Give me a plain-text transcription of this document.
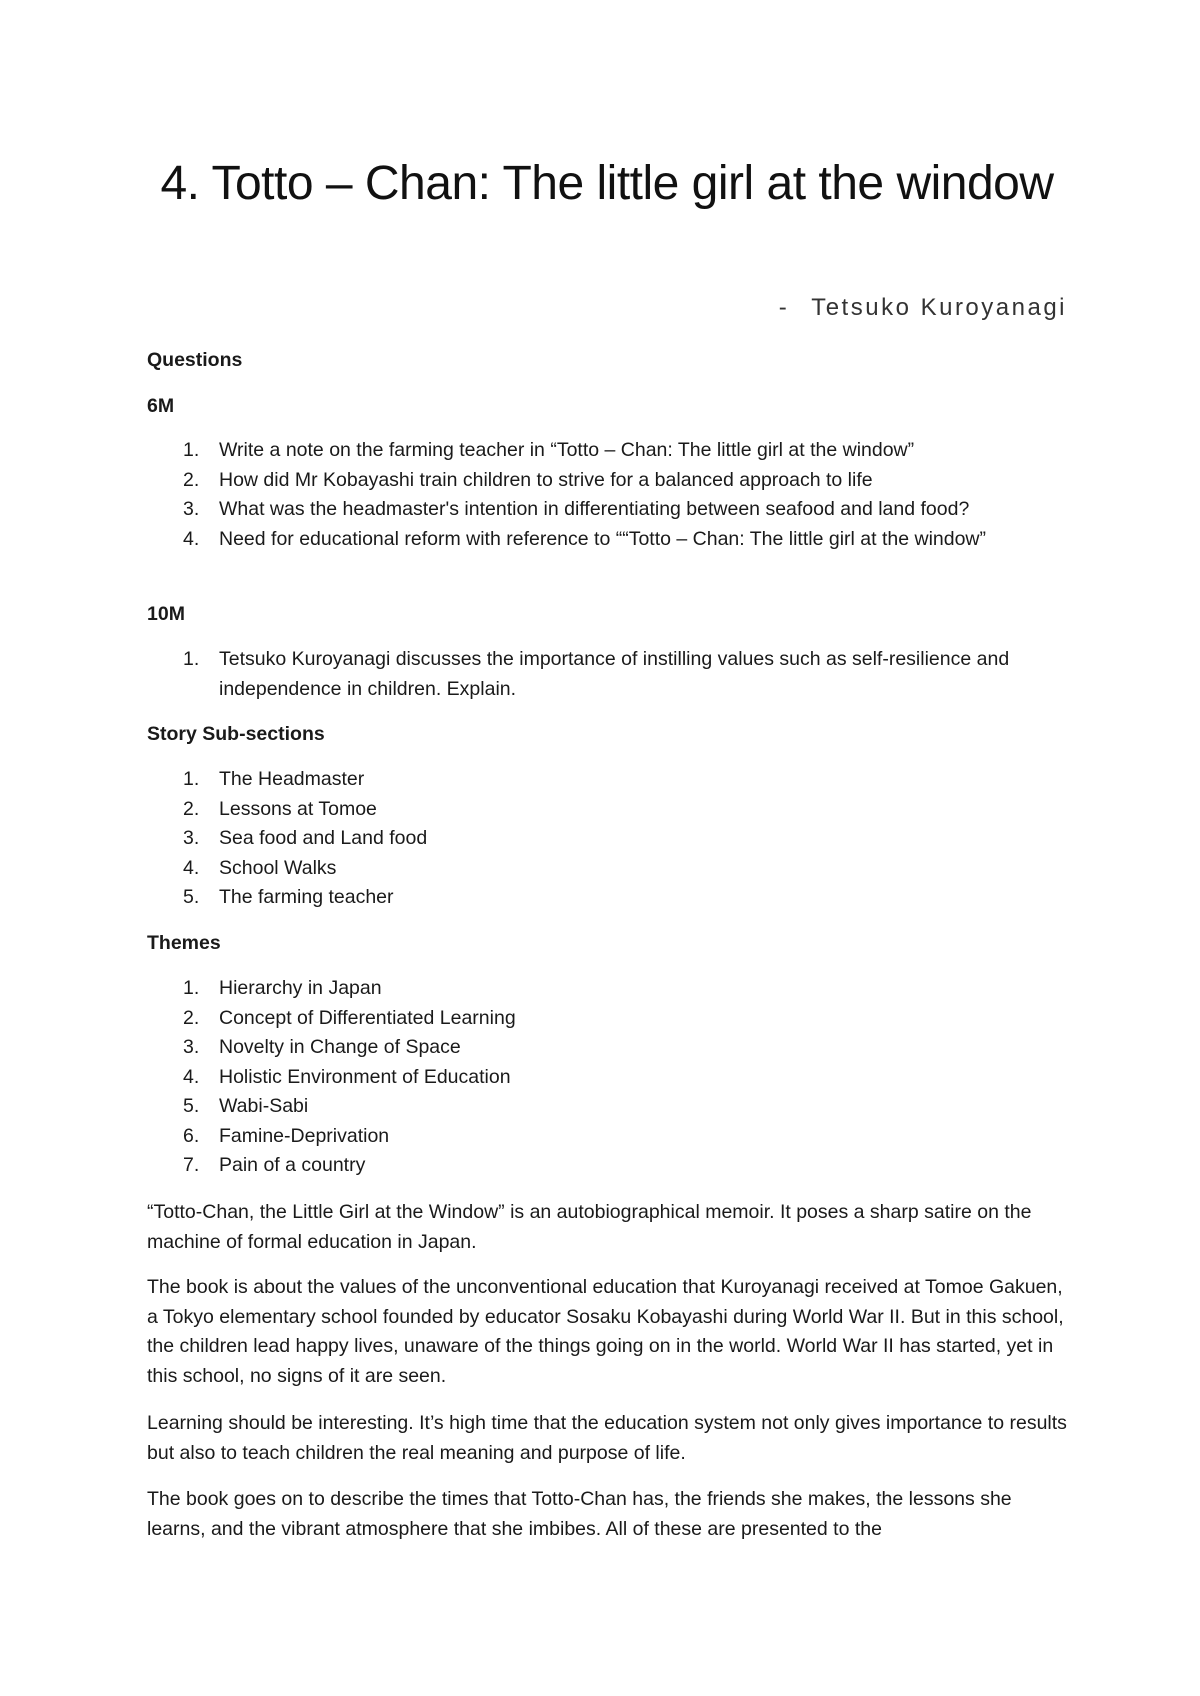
4. Totto – Chan: The little girl at the window
- Tetsuko Kuroyanagi

Questions

6M

1.	Write a note on the farming teacher in “Totto – Chan: The little girl at the window”
2.	How did Mr Kobayashi train children to strive for a balanced approach to life
3.	What was the headmaster's intention in differentiating between seafood and land food?
4.	Need for educational reform with reference to ““Totto – Chan: The little girl at the window”

10M

1.	Tetsuko Kuroyanagi discusses the importance of instilling values such as self-resilience and independence in children. Explain.

Story Sub-sections

1.	The Headmaster
2.	Lessons at Tomoe
3.	Sea food and Land food
4.	School Walks
5.	The farming teacher

Themes

1.	Hierarchy in Japan
2.	Concept of Differentiated Learning
3.	Novelty in Change of Space
4.	Holistic Environment of Education
5.	Wabi-Sabi
6.	Famine-Deprivation
7.	Pain of a country

“Totto-Chan, the Little Girl at the Window” is an autobiographical memoir. It poses a sharp satire on the machine of formal education in Japan.

The book is about the values of the unconventional education that Kuroyanagi received at Tomoe Gakuen, a Tokyo elementary school founded by educator Sosaku Kobayashi during World War II. But in this school, the children lead happy lives, unaware of the things going on in the world. World War II has started, yet in this school, no signs of it are seen.

Learning should be interesting. It’s high time that the education system not only gives importance to results but also to teach children the real meaning and purpose of life.

The book goes on to describe the times that Totto-Chan has, the friends she makes, the lessons she learns, and the vibrant atmosphere that she imbibes. All of these are presented to the
